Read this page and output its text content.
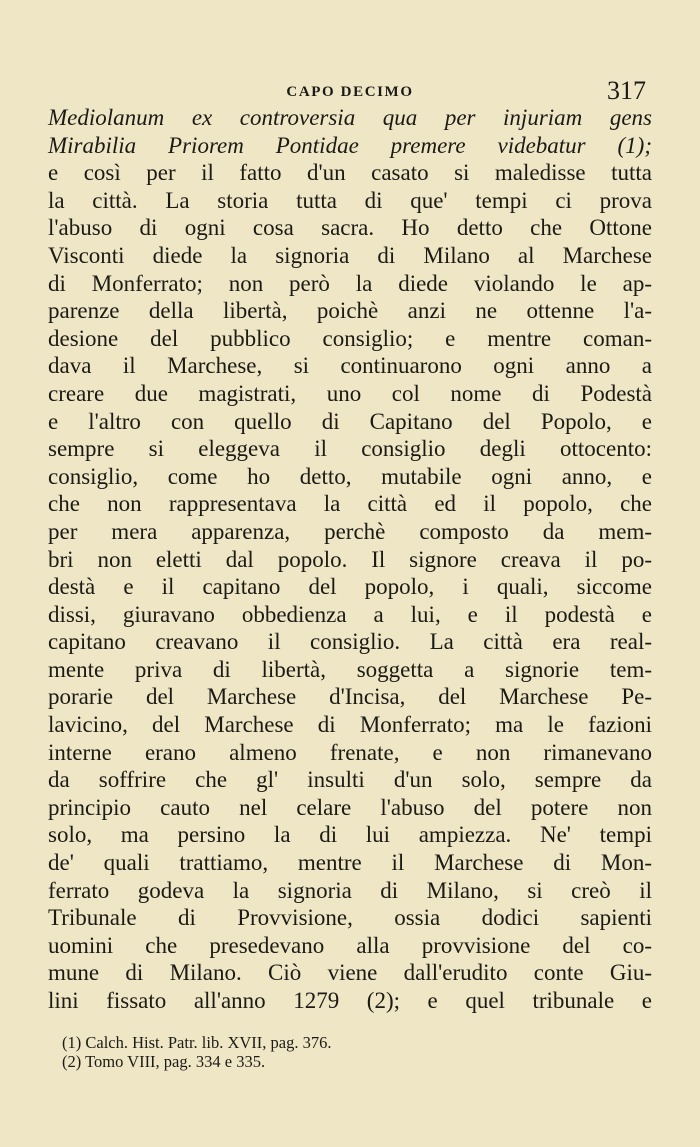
CAPO DECIMO	317
Mediolanum ex controversia qua per injuriam gens
Mirabilia Priorem Pontidae premere videbatur (1);
e così per il fatto d'un casato si maledisse tutta
la città. La storia tutta di que' tempi ci prova
l'abuso di ogni cosa sacra. Ho detto che Ottone
Visconti diede la signoria di Milano al Marchese
di Monferrato; non però la diede violando le ap-
parenze della libertà, poichè anzi ne ottenne l'a-
desione del pubblico consiglio; e mentre coman-
dava il Marchese, si continuarono ogni anno a
creare due magistrati, uno col nome di Podestà
e l'altro con quello di Capitano del Popolo, e
sempre si eleggeva il consiglio degli ottocento:
consiglio, come ho detto, mutabile ogni anno, e
che non rappresentava la città ed il popolo, che
per mera apparenza, perchè composto da mem-
bri non eletti dal popolo. Il signore creava il po-
destà e il capitano del popolo, i quali, siccome
dissi, giuravano obbedienza a lui, e il podestà e
capitano creavano il consiglio. La città era real-
mente priva di libertà, soggetta a signorie tem-
porarie del Marchese d'Incisa, del Marchese Pe-
lavicino, del Marchese di Monferrato; ma le fazioni
interne erano almeno frenate, e non rimanevano
da soffrire che gl' insulti d'un solo, sempre da
principio cauto nel celare l'abuso del potere non
solo, ma persino la di lui ampiezza. Ne' tempi
de' quali trattiamo, mentre il Marchese di Mon-
ferrato godeva la signoria di Milano, si creò il
Tribunale di Provvisione, ossia dodici sapienti
uomini che presedevano alla provvisione del co-
mune di Milano. Ciò viene dall'erudito conte Giu-
lini fissato all'anno 1279 (2); e quel tribunale e
(1) Calch. Hist. Patr. lib. XVII, pag. 376.
(2) Tomo VIII, pag. 334 e 335.
